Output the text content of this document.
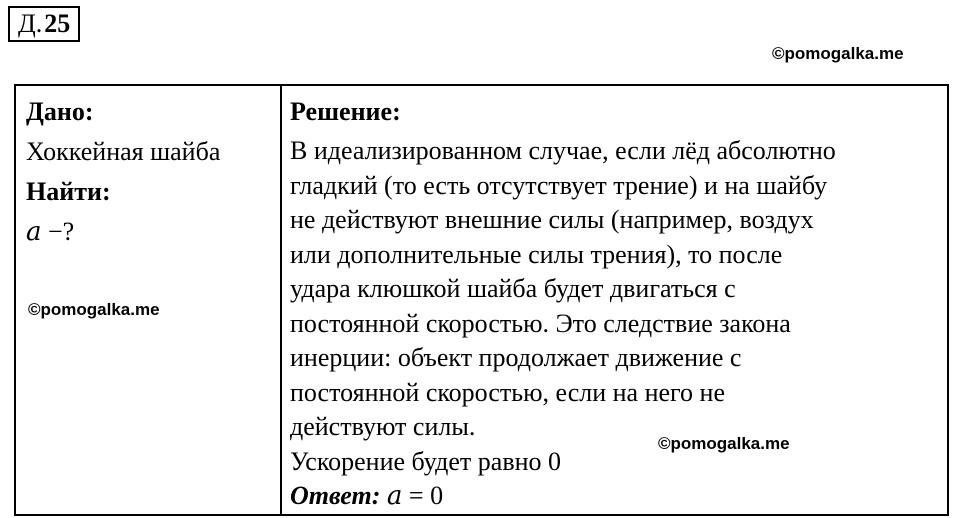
Д. 25
©pomogalka.me
Дано:
Хоккейная шайба
Найти:
a −?
Решение:
В идеализированном случае, если лёд абсолютно
гладкий (то есть отсутствует трение) и на шайбу
не действуют внешние силы (например, воздух
или дополнительные силы трения), то после
удара клюшкой шайба будет двигаться с
постоянной скоростью. Это следствие закона
инерции: объект продолжает движение с
постоянной скоростью, если на него не
действуют силы.
Ускорение будет равно 0
Ответ: a = 0
©pomogalka.me
©pomogalka.me
